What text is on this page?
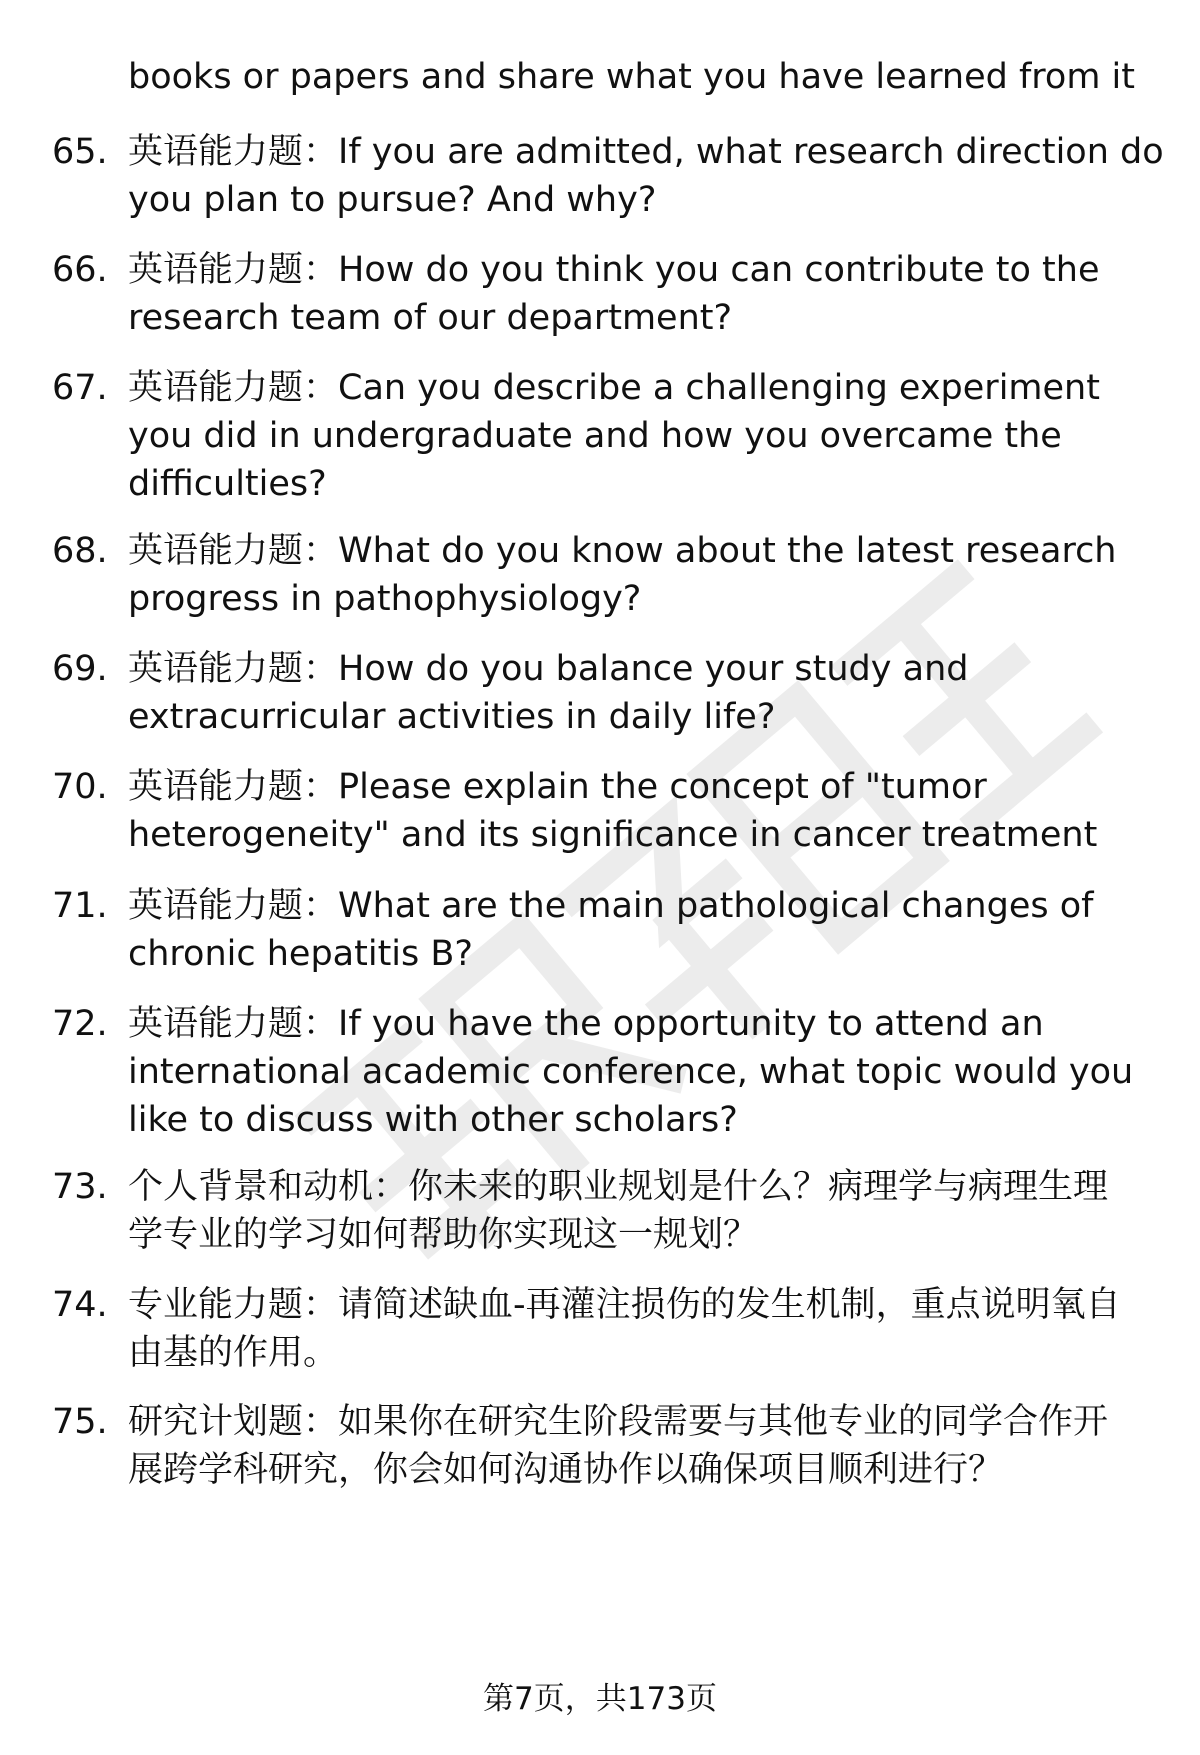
books or papers and share what you have learned from it
65. 英语能力题：If you are admitted, what research direction do
you plan to pursue? And why?
66. 英语能力题：How do you think you can contribute to the
research team of our department?
67. 英语能力题：Can you describe a challenging experiment
you did in undergraduate and how you overcame the
difficulties?
68. 英语能力题：What do you know about the latest research
progress in pathophysiology?
69. 英语能力题：How do you balance your study and
extracurricular activities in daily life?
70. 英语能力题：Please explain the concept of "tumor
heterogeneity" and its significance in cancer treatment
71. 英语能力题：What are the main pathological changes of
chronic hepatitis B?
72. 英语能力题：If you have the opportunity to attend an
international academic conference, what topic would you
like to discuss with other scholars?
73. 个人背景和动机：你未来的职业规划是什么？病理学与病理生理
学专业的学习如何帮助你实现这一规划？
74. 专业能力题：请简述缺血-再灌注损伤的发生机制，重点说明氧自
由基的作用。
75. 研究计划题：如果你在研究生阶段需要与其他专业的同学合作开
展跨学科研究，你会如何沟通协作以确保项目顺利进行？
第7页，共173页
